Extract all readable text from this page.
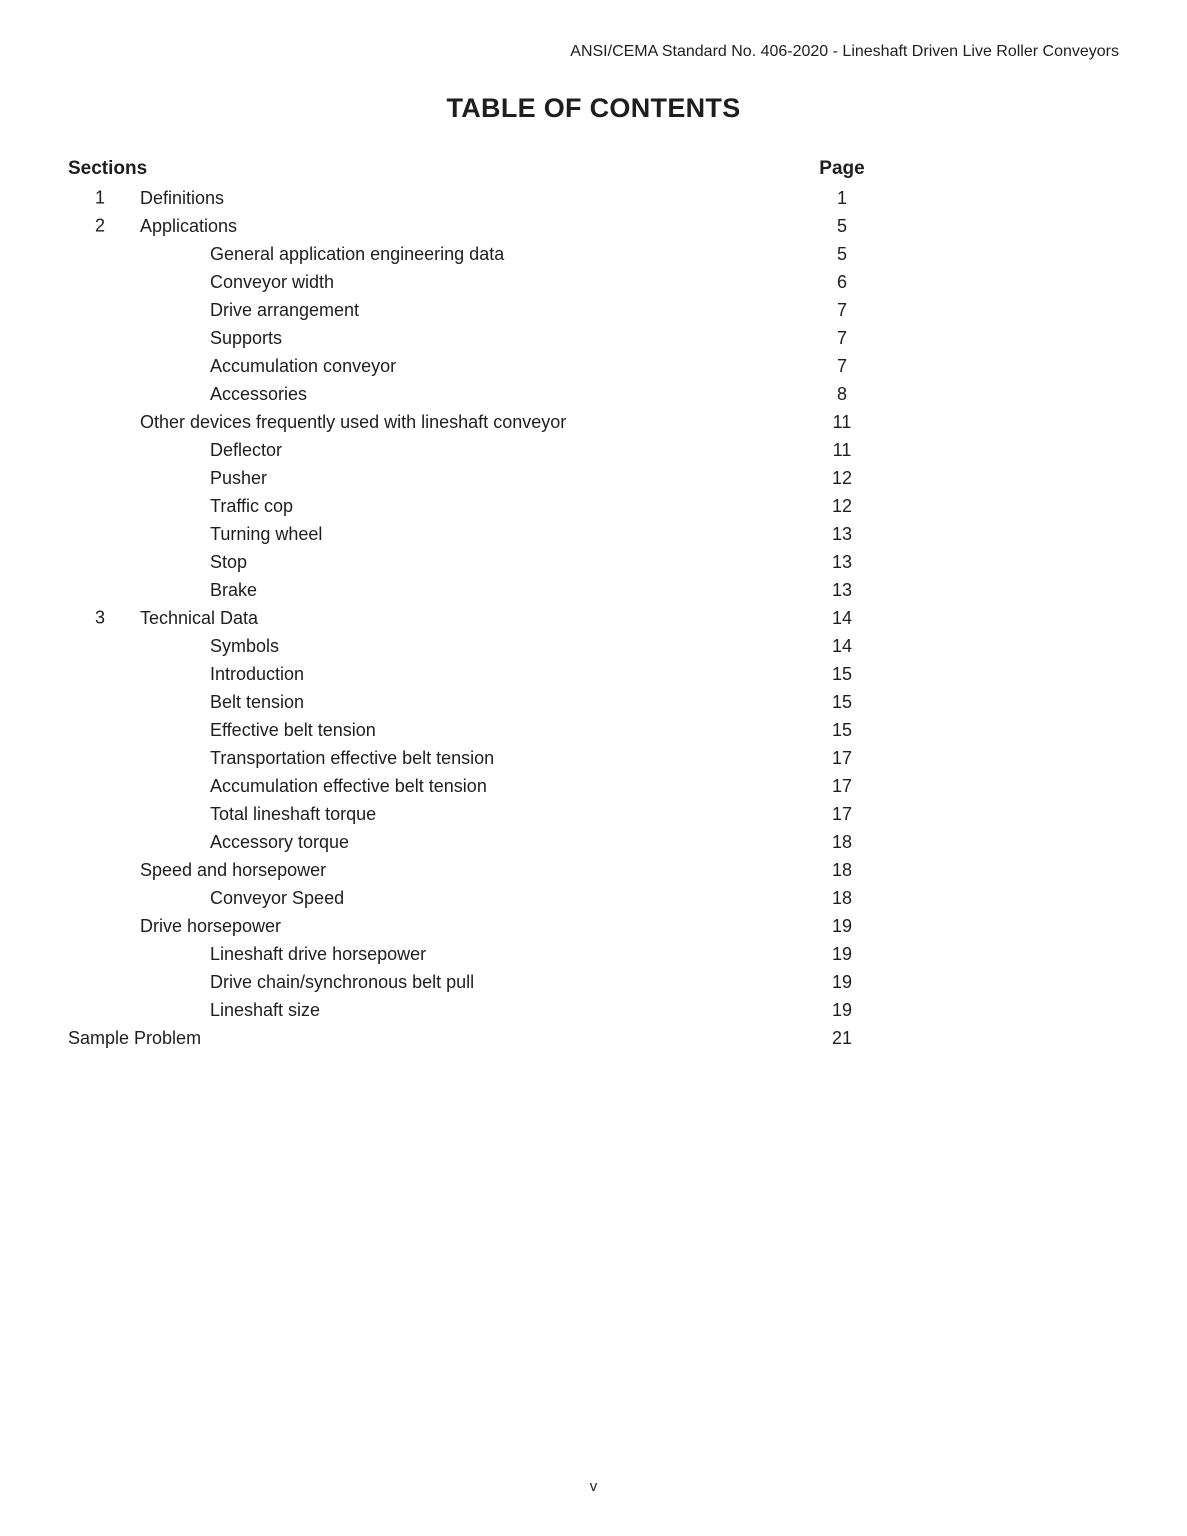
ANSI/CEMA Standard No. 406-2020 - Lineshaft Driven Live Roller Conveyors
TABLE OF CONTENTS
Sections	Page
1 Definitions	1
2 Applications	5
General application engineering data	5
Conveyor width	6
Drive arrangement	7
Supports	7
Accumulation conveyor	7
Accessories	8
Other devices frequently used with lineshaft conveyor	11
Deflector	11
Pusher	12
Traffic cop	12
Turning wheel	13
Stop	13
Brake	13
3 Technical Data	14
Symbols	14
Introduction	15
Belt tension	15
Effective belt tension	15
Transportation effective belt tension	17
Accumulation effective belt tension	17
Total lineshaft torque	17
Accessory torque	18
Speed and horsepower	18
Conveyor Speed	18
Drive horsepower	19
Lineshaft drive horsepower	19
Drive chain/synchronous belt pull	19
Lineshaft size	19
Sample Problem	21
v
